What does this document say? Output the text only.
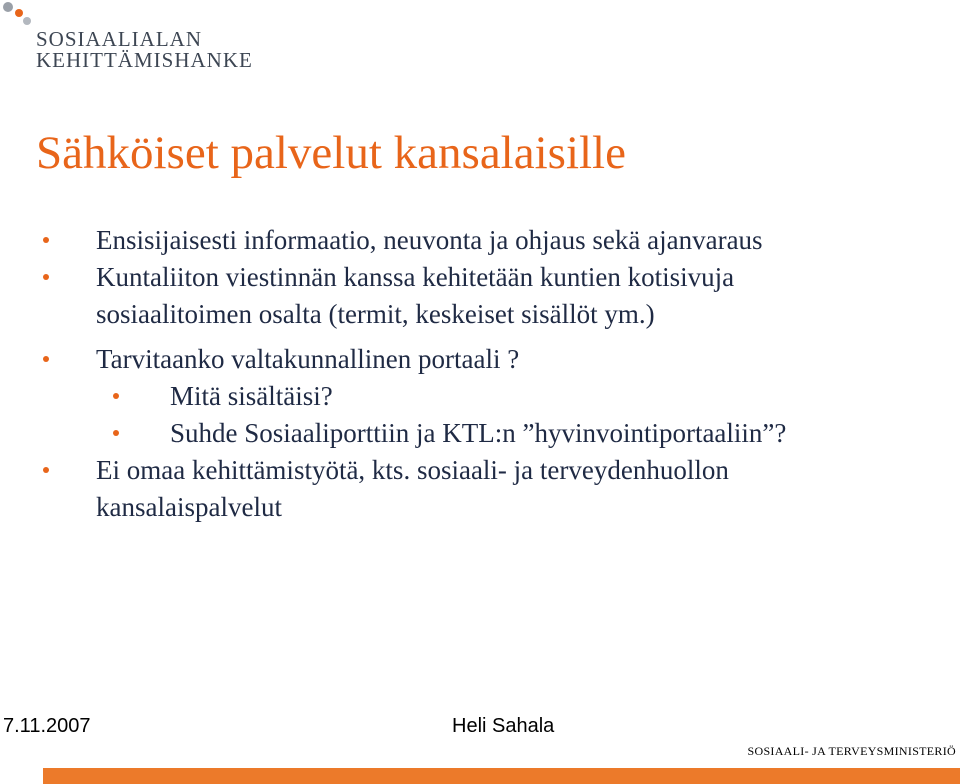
SOSIAALIALAN
KEHITTÄMISHANKE
Sähköiset palvelut kansalaisille
Ensisijaisesti informaatio, neuvonta ja ohjaus sekä ajanvaraus
Kuntaliiton viestinnän kanssa kehitetään kuntien kotisivuja
sosiaalitoimen osalta (termit, keskeiset sisällöt ym.)
Tarvitaanko valtakunnallinen portaali ?
Mitä sisältäisi?
Suhde Sosiaaliporttiin ja KTL:n ”hyvinvointiportaaliin”?
Ei omaa kehittämistyötä, kts. sosiaali- ja terveydenhuollon
kansalaispalvelut
7.11.2007	Heli Sahala
SOSIAALI- JA TERVEYSMINISTERIÖ
